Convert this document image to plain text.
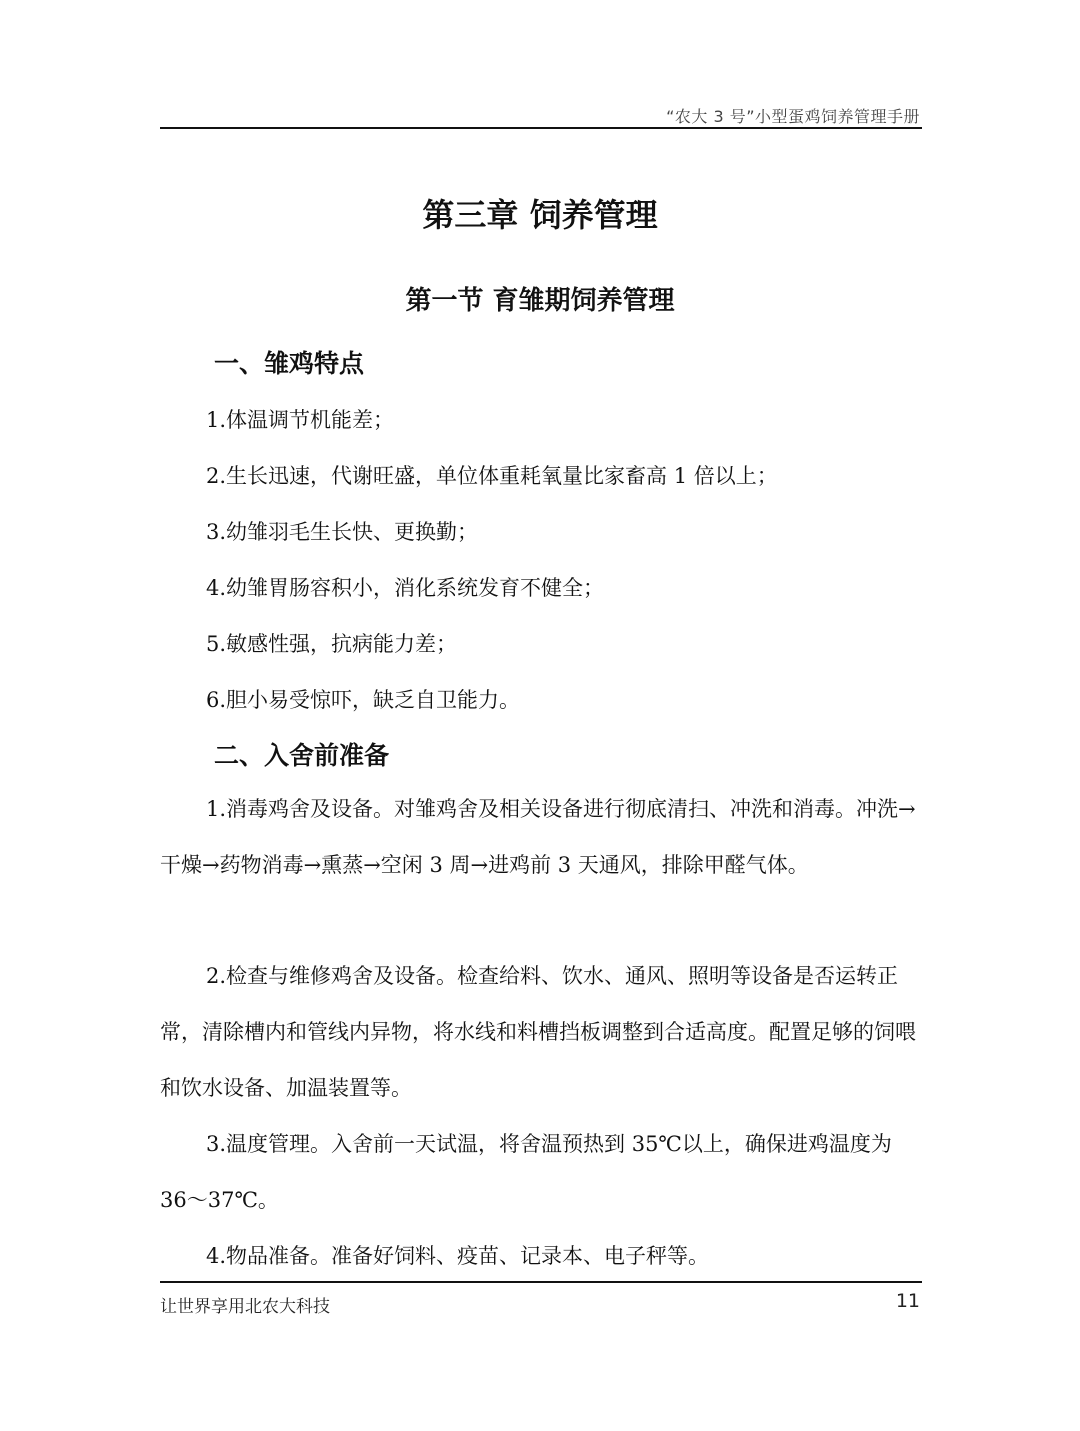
“农大 3 号”小型蛋鸡饲养管理手册
第三章 饲养管理
第一节 育雏期饲养管理
一、雏鸡特点
1.体温调节机能差；
2.生长迅速，代谢旺盛，单位体重耗氧量比家畜高 1 倍以上；
3.幼雏羽毛生长快、更换勤；
4.幼雏胃肠容积小，消化系统发育不健全；
5.敏感性强，抗病能力差；
6.胆小易受惊吓，缺乏自卫能力。
二、入舍前准备
1.消毒鸡舍及设备。对雏鸡舍及相关设备进行彻底清扫、冲洗和消毒。冲洗→干燥→药物消毒→熏蒸→空闲 3 周→进鸡前 3 天通风，排除甲醛气体。
2.检查与维修鸡舍及设备。检查给料、饮水、通风、照明等设备是否运转正常，清除槽内和管线内异物，将水线和料槽挡板调整到合适高度。配置足够的饲喂和饮水设备、加温装置等。
3.温度管理。入舍前一天试温，将舍温预热到 35℃以上，确保进鸡温度为 36～37℃。
4.物品准备。准备好饲料、疫苗、记录本、电子秤等。
让世界享用北农大科技	11
